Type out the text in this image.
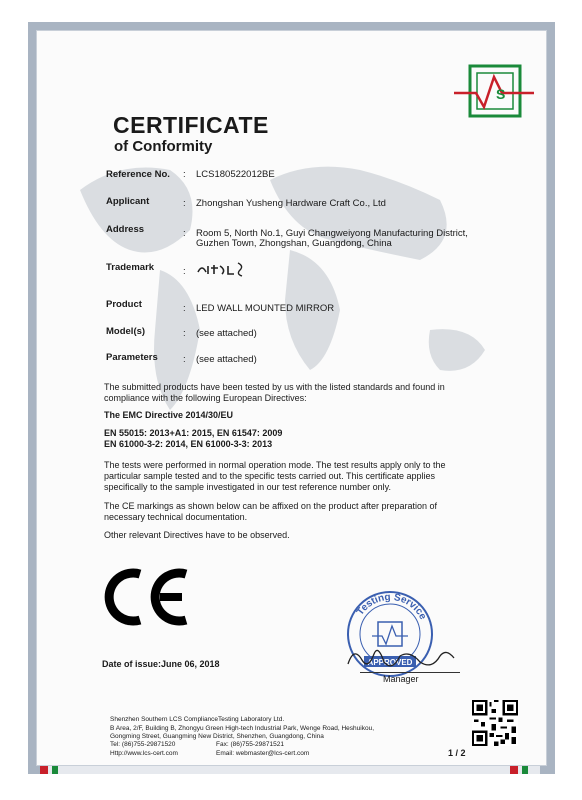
S
CERTIFICATE
of Conformity
Reference No. : LCS180522012BE
Applicant	: Zhongshan Yusheng Hardware Craft Co., Ltd
Address	: Room 5, North No.1, Guyi Changweiyong Manufacturing District,
Guzhen Town, Zhongshan, Guangdong, China
Trademark	:
Product	: LED WALL MOUNTED MIRROR
Model(s)	: (see attached)
Parameters	: (see attached)
The submitted products have been tested by us with the listed standards and found in
compliance with the following European Directives:
The EMC Directive 2014/30/EU
EN 55015: 2013+A1: 2015, EN 61547: 2009
EN 61000-3-2: 2014, EN 61000-3-3: 2013
The tests were performed in normal operation mode. The test results apply only to the
particular sample tested and to the specific tests carried out. This certificate applies
specifically to the sample investigated in our test reference number only.
The CE markings as shown below can be affixed on the product after preparation of
necessary technical documentation.
Other relevant Directives have to be observed.
Testing Service
APPROVED
Manager
Date of issue:June 06, 2018
Shenzhen Southern LCS ComplianceTesting Laboratory Ltd.
B Area, 2/F, Building B, Zhongyu Green High-tech Industrial Park, Wenge Road, Heshuikou,
Gongming Street, Guangming New District, Shenzhen, Guangdong, China
Tel: (86)755-29871520	Fax: (86)755-29871521
Http://www.lcs-cert.com	Email: webmaster@lcs-cert.com	1 / 2
